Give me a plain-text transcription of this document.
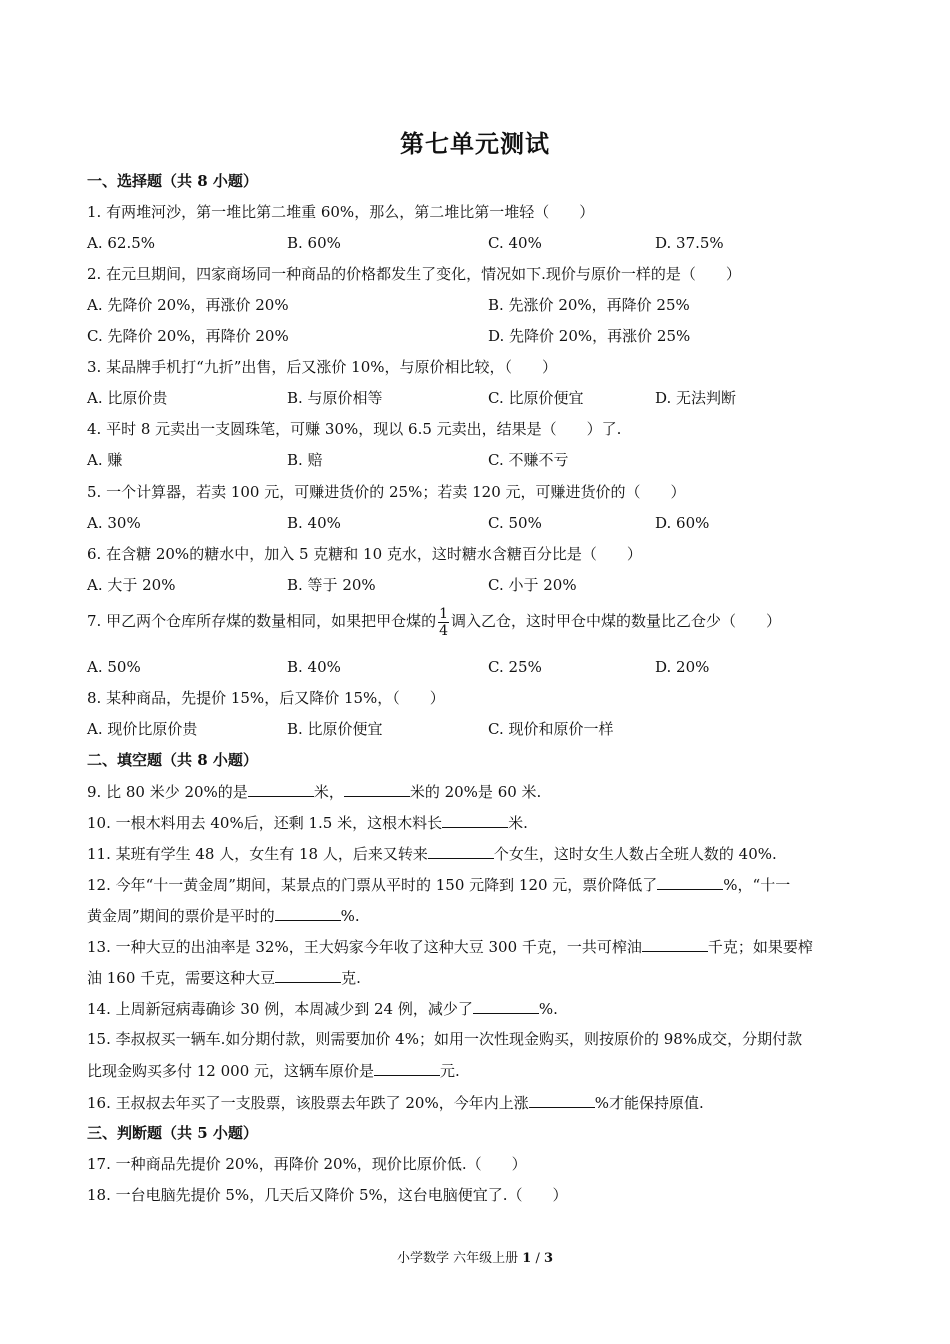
第七单元测试
一、选择题（共 8 小题）
1. 有两堆河沙，第一堆比第二堆重 60%，那么，第二堆比第一堆轻（　　）
A. 62.5%	B. 60%	C. 40%	D. 37.5%
2. 在元旦期间，四家商场同一种商品的价格都发生了变化，情况如下.现价与原价一样的是（　　）
A. 先降价 20%，再涨价 20%	B. 先涨价 20%，再降价 25%
C. 先降价 20%，再降价 20%	D. 先降价 20%，再涨价 25%
3. 某品牌手机打“九折”出售，后又涨价 10%，与原价相比较，（　　）
A. 比原价贵	B. 与原价相等	C. 比原价便宜	D. 无法判断
4. 平时 8 元卖出一支圆珠笔，可赚 30%，现以 6.5 元卖出，结果是（　　）了.
A. 赚	B. 赔	C. 不赚不亏
5. 一个计算器，若卖 100 元，可赚进货价的 25%；若卖 120 元，可赚进货价的（　　）
A. 30%	B. 40%	C. 50%	D. 60%
6. 在含糖 20%的糖水中，加入 5 克糖和 10 克水，这时糖水含糖百分比是（　　）
A. 大于 20%	B. 等于 20%	C. 小于 20%
7. 甲乙两个仓库所存煤的数量相同，如果把甲仓煤的 $\frac{1}{4}$ 调入乙仓，这时甲仓中煤的数量比乙仓少（　　）
A. 50%	B. 40%	C. 25%	D. 20%
8. 某种商品，先提价 15%，后又降价 15%，（　　）
A. 现价比原价贵	B. 比原价便宜	C. 现价和原价一样
二、填空题（共 8 小题）
9. 比 80 米少 20%的是	米，	米的 20%是 60 米.
10. 一根木料用去 40%后，还剩 1.5 米，这根木料长	米.
11. 某班有学生 48 人，女生有 18 人，后来又转来	个女生，这时女生人数占全班人数的 40%.
12. 今年“十一黄金周”期间，某景点的门票从平时的 150 元降到 120 元，票价降低了	%，“十一
黄金周”期间的票价是平时的	%.
13. 一种大豆的出油率是 32%，王大妈家今年收了这种大豆 300 千克，一共可榨油	千克；如果要榨
油 160 千克，需要这种大豆	克.
14. 上周新冠病毒确诊 30 例，本周减少到 24 例，减少了	%.
15. 李叔叔买一辆车.如分期付款，则需要加价 4%；如用一次性现金购买，则按原价的 98%成交，分期付款
比现金购买多付 12 000 元，这辆车原价是	元.
16. 王叔叔去年买了一支股票，该股票去年跌了 20%，今年内上涨	%才能保持原值.
三、判断题（共 5 小题）
17. 一种商品先提价 20%，再降价 20%，现价比原价低.（　　）
18. 一台电脑先提价 5%，几天后又降价 5%，这台电脑便宜了.（　　）
小学数学 六年级上册 1 / 3
